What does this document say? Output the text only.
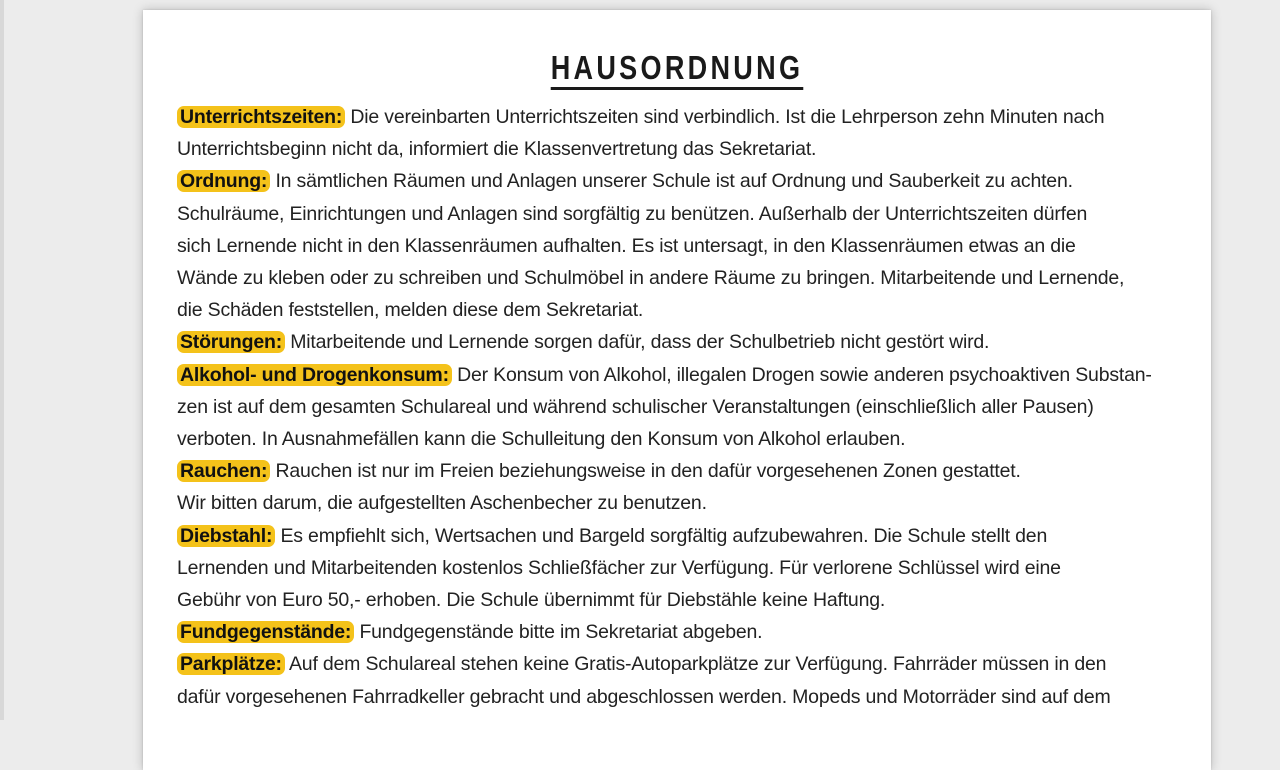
HAUSORDNUNG
Unterrichtszeiten: Die vereinbarten Unterrichtszeiten sind verbindlich. Ist die Lehrperson zehn Minuten nach
Unterrichtsbeginn nicht da, informiert die Klassenvertretung das Sekretariat.
Ordnung: In sämtlichen Räumen und Anlagen unserer Schule ist auf Ordnung und Sauberkeit zu achten.
Schulräume, Einrichtungen und Anlagen sind sorgfältig zu benützen. Außerhalb der Unterrichtszeiten dürfen
sich Lernende nicht in den Klassenräumen aufhalten. Es ist untersagt, in den Klassenräumen etwas an die
Wände zu kleben oder zu schreiben und Schulmöbel in andere Räume zu bringen. Mitarbeitende und Lernende,
die Schäden feststellen, melden diese dem Sekretariat.
Störungen: Mitarbeitende und Lernende sorgen dafür, dass der Schulbetrieb nicht gestört wird.
Alkohol- und Drogenkonsum: Der Konsum von Alkohol, illegalen Drogen sowie anderen psychoaktiven Substan-
zen ist auf dem gesamten Schulareal und während schulischer Veranstaltungen (einschließlich aller Pausen)
verboten. In Ausnahmefällen kann die Schulleitung den Konsum von Alkohol erlauben.
Rauchen: Rauchen ist nur im Freien beziehungsweise in den dafür vorgesehenen Zonen gestattet.
Wir bitten darum, die aufgestellten Aschenbecher zu benutzen.
Diebstahl: Es empfiehlt sich, Wertsachen und Bargeld sorgfältig aufzubewahren. Die Schule stellt den
Lernenden und Mitarbeitenden kostenlos Schließfächer zur Verfügung. Für verlorene Schlüssel wird eine
Gebühr von Euro 50,- erhoben. Die Schule übernimmt für Diebstähle keine Haftung.
Fundgegenstände: Fundgegenstände bitte im Sekretariat abgeben.
Parkplätze: Auf dem Schulareal stehen keine Gratis-Autoparkplätze zur Verfügung. Fahrräder müssen in den
dafür vorgesehenen Fahrradkeller gebracht und abgeschlossen werden. Mopeds und Motorräder sind auf dem
